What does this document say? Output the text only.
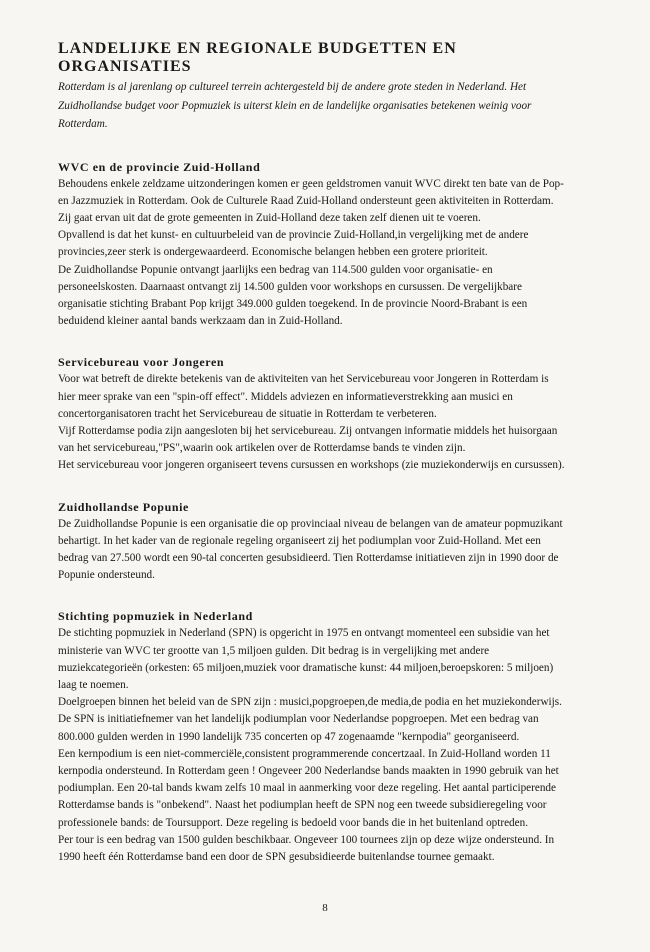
LANDELIJKE EN REGIONALE BUDGETTEN EN
ORGANISATIES
Rotterdam is al jarenlang op cultureel terrein achtergesteld bij de andere grote steden in Nederland. Het
Zuidhollandse budget voor Popmuziek is uiterst klein en de landelijke organisaties betekenen weinig voor
Rotterdam.
WVC en de provincie Zuid-Holland

Behoudens enkele zeldzame uitzonderingen komen er geen geldstromen vanuit WVC direkt ten bate van de Pop-

en Jazzmuziek in Rotterdam. Ook de Culturele Raad Zuid-Holland ondersteunt geen aktiviteiten in Rotterdam.

Zij gaat ervan uit dat de grote gemeenten in Zuid-Holland deze taken zelf dienen uit te voeren.

Opvallend is dat het kunst- en cultuurbeleid van de provincie Zuid-Holland,in vergelijking met de andere

provincies,zeer sterk is ondergewaardeerd. Economische belangen hebben een grotere prioriteit.

De Zuidhollandse Popunie ontvangt jaarlijks een bedrag van 114.500 gulden voor organisatie- en

personeelskosten. Daarnaast ontvangt zij 14.500 gulden voor workshops en cursussen. De vergelijkbare

organisatie stichting Brabant Pop krijgt 349.000 gulden toegekend. In de provincie Noord-Brabant is een

beduidend kleiner aantal bands werkzaam dan in Zuid-Holland.

Servicebureau voor Jongeren

Voor wat betreft de direkte betekenis van de aktiviteiten van het Servicebureau voor Jongeren in Rotterdam is

hier meer sprake van een "spin-off effect". Middels adviezen en informatieverstrekking aan musici en

concertorganisatoren tracht het Servicebureau de situatie in Rotterdam te verbeteren.

Vijf Rotterdamse podia zijn aangesloten bij het servicebureau. Zij ontvangen informatie middels het huisorgaan

van het servicebureau,"PS",waarin ook artikelen over de Rotterdamse bands te vinden zijn.

Het servicebureau voor jongeren organiseert tevens cursussen en workshops (zie muziekonderwijs en cursussen).

Zuidhollandse Popunie

De Zuidhollandse Popunie is een organisatie die op provinciaal niveau de belangen van de amateur popmuzikant

behartigt. In het kader van de regionale regeling organiseert zij het podiumplan voor Zuid-Holland. Met een

bedrag van 27.500 wordt een 90-tal concerten gesubsidieerd. Tien Rotterdamse initiatieven zijn in 1990 door de

Popunie ondersteund.

Stichting popmuziek in Nederland

De stichting popmuziek in Nederland (SPN) is opgericht in 1975 en ontvangt momenteel een subsidie van het

ministerie van WVC ter grootte van 1,5 miljoen gulden. Dit bedrag is in vergelijking met andere

muziekcategorieën (orkesten: 65 miljoen,muziek voor dramatische kunst: 44 miljoen,beroepskoren: 5 miljoen)

laag te noemen.

Doelgroepen binnen het beleid van de SPN zijn : musici,popgroepen,de media,de podia en het muziekonderwijs.

De SPN is initiatiefnemer van het landelijk podiumplan voor Nederlandse popgroepen. Met een bedrag van

800.000 gulden werden in 1990 landelijk 735 concerten op 47 zogenaamde "kernpodia" georganiseerd.

Een kernpodium is een niet-commerciële,consistent programmerende concertzaal. In Zuid-Holland worden 11

kernpodia ondersteund. In Rotterdam geen ! Ongeveer 200 Nederlandse bands maakten in 1990 gebruik van het

podiumplan. Een 20-tal bands kwam zelfs 10 maal in aanmerking voor deze regeling. Het aantal participerende

Rotterdamse bands is "onbekend". Naast het podiumplan heeft de SPN nog een tweede subsidieregeling voor

professionele bands: de Toursupport. Deze regeling is bedoeld voor bands die in het buitenland optreden.

Per tour is een bedrag van 1500 gulden beschikbaar. Ongeveer 100 tournees zijn op deze wijze ondersteund. In

1990 heeft één Rotterdamse band een door de SPN gesubsidieerde buitenlandse tournee gemaakt.

8
